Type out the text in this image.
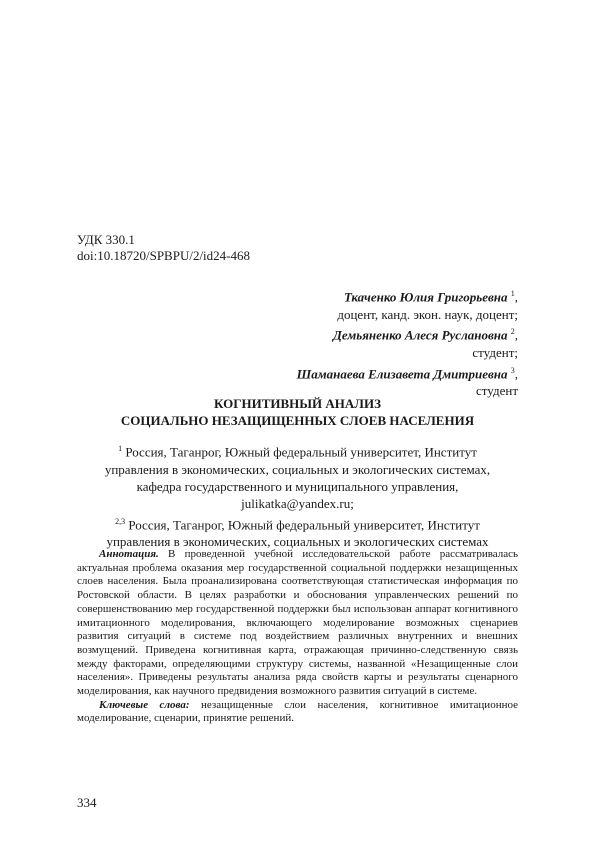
УДК 330.1
doi:10.18720/SPBPU/2/id24-468
Ткаченко Юлия Григорьевна $^1$,
доцент, канд. экон. наук, доцент;
Демьяненко Алеся Руслановна $^2$,
студент;
Шаманаева Елизавета Дмитриевна $^3$,
студент
КОГНИТИВНЫЙ АНАЛИЗ
СОЦИАЛЬНО НЕЗАЩИЩЕННЫХ СЛОЕВ НАСЕЛЕНИЯ
$^1$ Россия, Таганрог, Южный федеральный университет, Институт
управления в экономических, социальных и экологических системах,
кафедра государственного и муниципального управления,
julikatka@yandex.ru;
$^{2,3}$ Россия, Таганрог, Южный федеральный университет, Институт
управления в экономических, социальных и экологических системах

Аннотация. В проведенной учебной исследовательской работе рассматривалась актуальная проблема оказания мер государственной социальной поддержки незащищенных слоев населения. Была проанализирована соответствующая статистическая информация по Ростовской области. В целях разработки и обоснования управленческих решений по совершенствованию мер государственной поддержки был использован аппарат когнитивного имитационного моделирования, включающего моделирование возможных сценариев развития ситуаций в системе под воздействием различных внутренних и внешних возмущений. Приведена когнитивная карта, отражающая причинно-следственную связь между факторами, определяющими структуру системы, названной «Незащищенные слои населения». Приведены результаты анализа ряда свойств карты и результаты сценарного моделирования, как научного предвидения возможного развития ситуаций в системе.

Ключевые слова: незащищенные слои населения, когнитивное имитационное моделирование, сценарии, принятие решений.

334
